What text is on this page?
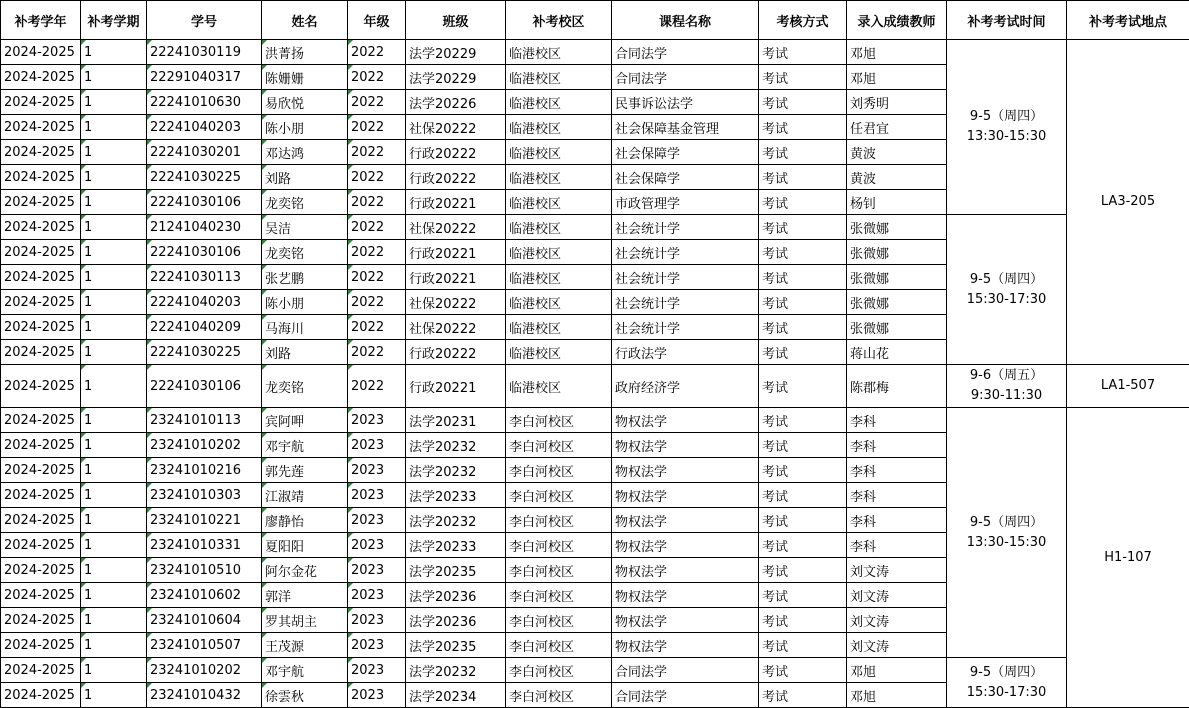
补考学年	补考学期	学号	姓名	年级	班级	补考校区	课程名称	考核方式	录入成绩教师	补考考试时间	补考考试地点
2024-2025	1	22241030119	洪菁扬	2022	法学20229	临港校区	合同法学	考试	邓旭	9-5（周四）
13:30-15:30	LA3-205
2024-2025	1	22291040317	陈姗姗	2022	法学20229	临港校区	合同法学	考试	邓旭		
2024-2025	1	22241010630	易欣悦	2022	法学20226	临港校区	民事诉讼法学	考试	刘秀明		
2024-2025	1	22241040203	陈小朋	2022	社保20222	临港校区	社会保障基金管理	考试	任君宜		
2024-2025	1	22241030201	邓达鸿	2022	行政20222	临港校区	社会保障学	考试	黄波		
2024-2025	1	22241030225	刘路	2022	行政20222	临港校区	社会保障学	考试	黄波		
2024-2025	1	22241030106	龙奕铭	2022	行政20221	临港校区	市政管理学	考试	杨钊		
2024-2025	1	21241040230	吴洁	2022	社保20222	临港校区	社会统计学	考试	张微娜	9-5（周四）
15:30-17:30	

2024-2025	1	22241030106	龙奕铭	2022	行政20221	临港校区	社会统计学	考试	张微娜		
2024-2025	1	22241030113	张艺鹏	2022	行政20221	临港校区	社会统计学	考试	张微娜		
2024-2025	1	22241040203	陈小朋	2022	社保20222	临港校区	社会统计学	考试	张微娜		
2024-2025	1	22241040209	马海川	2022	社保20222	临港校区	社会统计学	考试	张微娜		
2024-2025	1	22241030225	刘路	2022	行政20222	临港校区	行政法学	考试	蒋山花		
2024-2025	1	22241030106	龙奕铭	2022	行政20221	临港校区	政府经济学	考试	陈郡梅	9-6（周五）
9:30-11:30	LA1-507
2024-2025	1	23241010113	宾阿呷	2023	法学20231	李白河校区	物权法学	考试	李科	9-5（周四）
13:30-15:30	H1-107
2024-2025	1	23241010202	邓宇航	2023	法学20232	李白河校区	物权法学	考试	李科		
2024-2025	1	23241010216	郭先莲	2023	法学20232	李白河校区	物权法学	考试	李科		
2024-2025	1	23241010303	江淑靖	2023	法学20233	李白河校区	物权法学	考试	李科		
2024-2025	1	23241010221	廖静怡	2023	法学20232	李白河校区	物权法学	考试	李科		
2024-2025	1	23241010331	夏阳阳	2023	法学20233	李白河校区	物权法学	考试	李科		
2024-2025	1	23241010510	阿尔金花	2023	法学20235	李白河校区	物权法学	考试	刘文涛		
2024-2025	1	23241010602	郭洋	2023	法学20236	李白河校区	物权法学	考试	刘文涛		
2024-2025	1	23241010604	罗其胡主	2023	法学20236	李白河校区	物权法学	考试	刘文涛		
2024-2025	1	23241010507	王茂源	2023	法学20235	李白河校区	物权法学	考试	刘文涛		
2024-2025	1	23241010202	邓宇航	2023	法学20232	李白河校区	合同法学	考试	邓旭	9-5（周四）
15:30-17:30	

2024-2025	1	23241010432	徐雲秋	2023	法学20234	李白河校区	合同法学	考试	邓旭		
